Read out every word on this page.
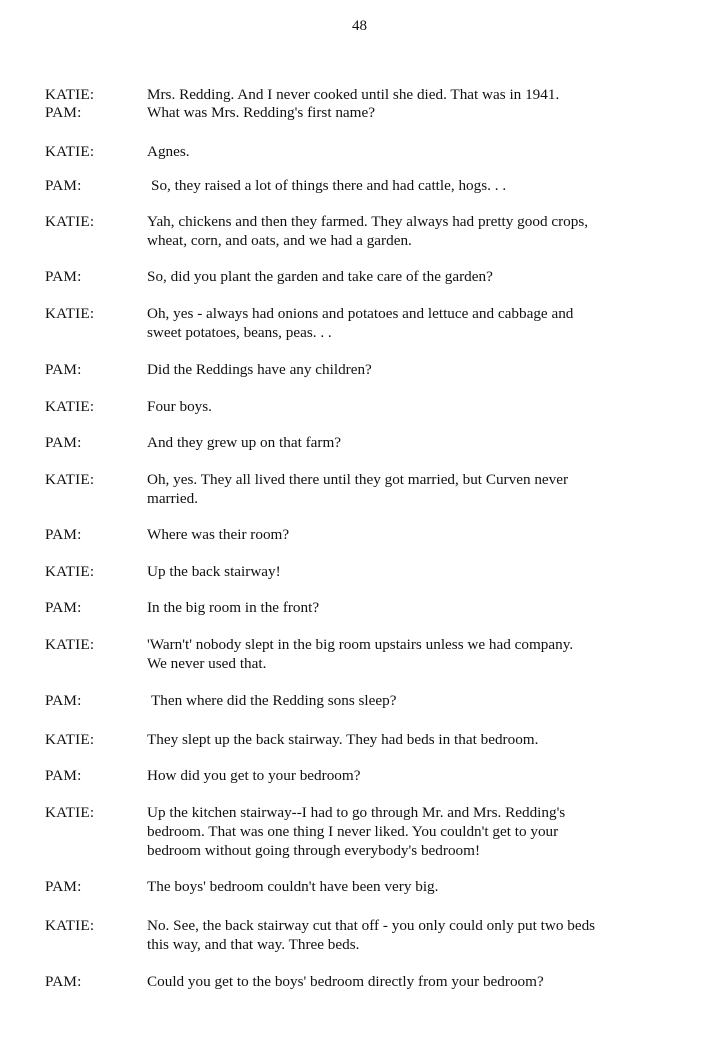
48
KATIE:	Mrs. Redding. And I never cooked until she died. That was in 1941.
PAM:	What was Mrs. Redding's first name?
KATIE:	Agnes.
PAM:	So, they raised a lot of things there and had cattle, hogs. . .
KATIE:	Yah, chickens and then they farmed. They always had pretty good crops,
wheat, corn, and oats, and we had a garden.
PAM:	So, did you plant the garden and take care of the garden?
KATIE:	Oh, yes - always had onions and potatoes and lettuce and cabbage and
sweet potatoes, beans, peas. . .
PAM:	Did the Reddings have any children?
KATIE:	Four boys.
PAM:	And they grew up on that farm?
KATIE:	Oh, yes. They all lived there until they got married, but Curven never
married.
PAM:	Where was their room?
KATIE:	Up the back stairway!
PAM:	In the big room in the front?
KATIE:	'Warn't' nobody slept in the big room upstairs unless we had company.
We never used that.
PAM:	Then where did the Redding sons sleep?
KATIE:	They slept up the back stairway. They had beds in that bedroom.
PAM:	How did you get to your bedroom?
KATIE:	Up the kitchen stairway--I had to go through Mr. and Mrs. Redding's
bedroom. That was one thing I never liked. You couldn't get to your
bedroom without going through everybody's bedroom!
PAM:	The boys' bedroom couldn't have been very big.
KATIE:	No. See, the back stairway cut that off - you only could only put two beds
this way, and that way. Three beds.
PAM:	Could you get to the boys' bedroom directly from your bedroom?
